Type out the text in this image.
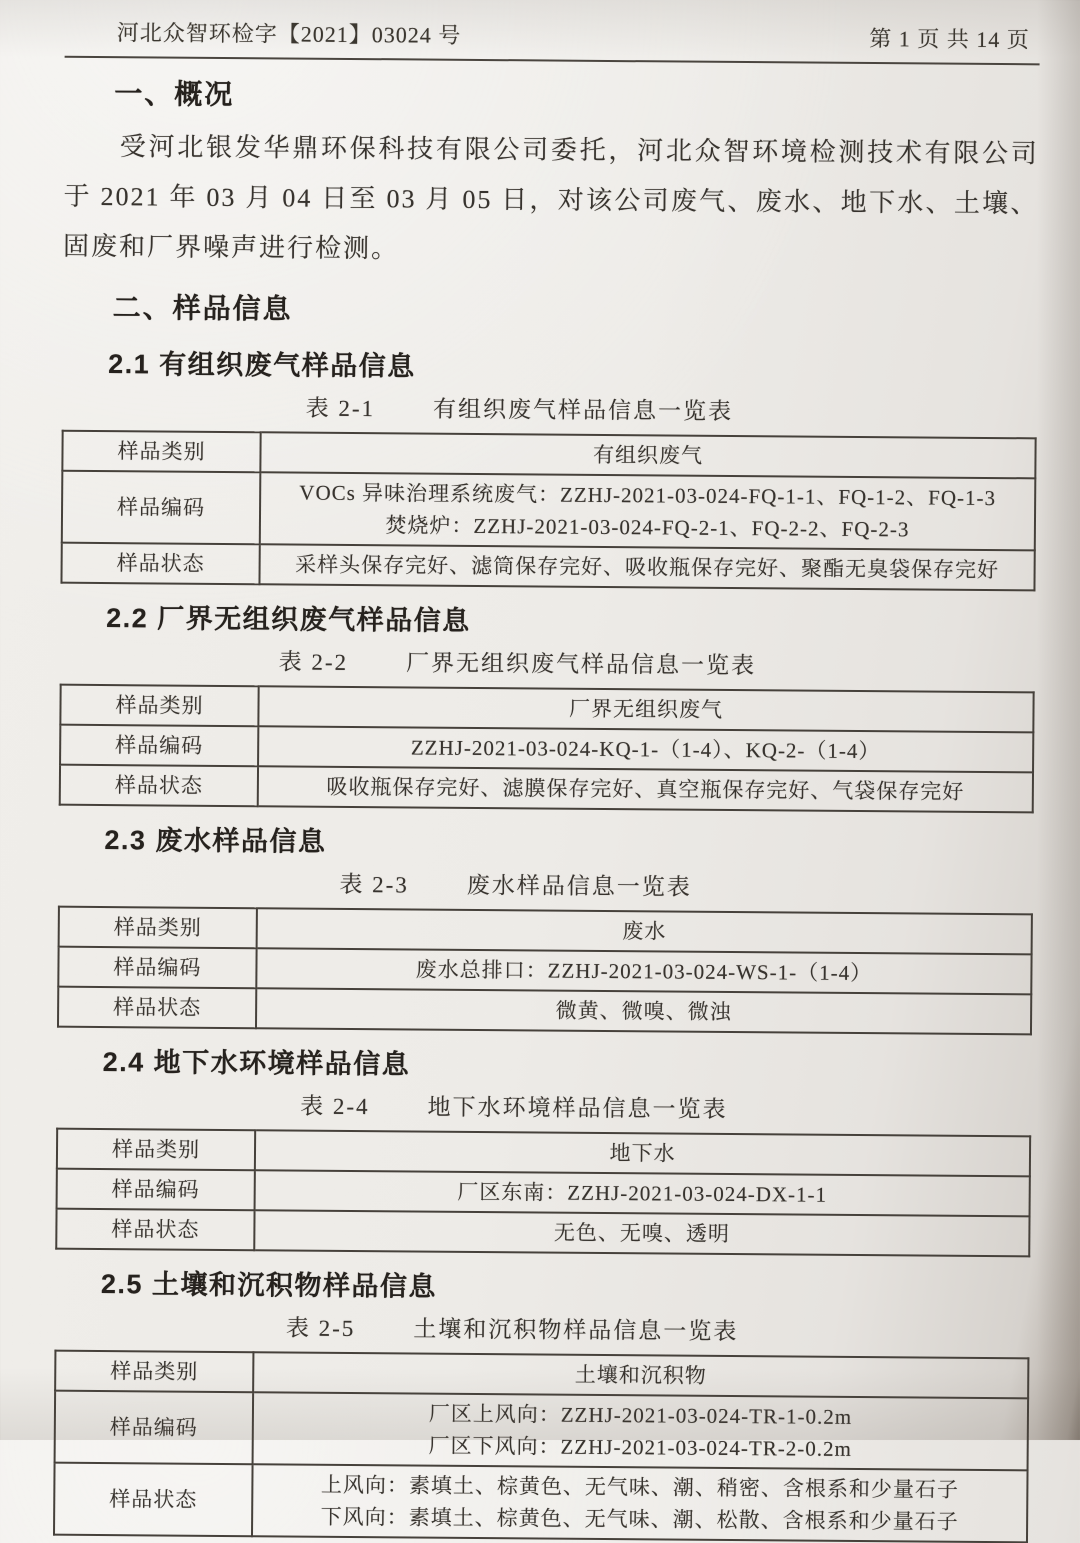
河北众智环检字【2021】03024 号	第 1 页 共 14 页
一、概况
受河北银发华鼎环保科技有限公司委托，河北众智环境检测技术有限公司于 2021 年 03 月 04 日至 03 月 05 日，对该公司废气、废水、地下水、土壤、固废和厂界噪声进行检测。
二、样品信息
2.1 有组织废气样品信息
表 2-1	有组织废气样品信息一览表
样品类别	有组织废气

样品编码	VOCs 异味治理系统废气：ZZHJ-2021-03-024-FQ-1-1、FQ-1-2、FQ-1-3
焚烧炉：ZZHJ-2021-03-024-FQ-2-1、FQ-2-2、FQ-2-3

样品状态	采样头保存完好、滤筒保存完好、吸收瓶保存完好、聚酯无臭袋保存完好
2.2 厂界无组织废气样品信息
表 2-2	厂界无组织废气样品信息一览表
样品类别	厂界无组织废气

样品编码	ZZHJ-2021-03-024-KQ-1-（1-4）、KQ-2-（1-4）

样品状态	吸收瓶保存完好、滤膜保存完好、真空瓶保存完好、气袋保存完好
2.3 废水样品信息
表 2-3	废水样品信息一览表
样品类别	废水

样品编码	废水总排口：ZZHJ-2021-03-024-WS-1-（1-4）

样品状态	微黄、微嗅、微浊
2.4 地下水环境样品信息
表 2-4	地下水环境样品信息一览表
样品类别	地下水

样品编码	厂区东南：ZZHJ-2021-03-024-DX-1-1

样品状态	无色、无嗅、透明
2.5 土壤和沉积物样品信息
表 2-5	土壤和沉积物样品信息一览表
样品类别	土壤和沉积物

样品编码	厂区上风向：ZZHJ-2021-03-024-TR-1-0.2m
厂区下风向：ZZHJ-2021-03-024-TR-2-0.2m

样品状态	上风向：素填土、棕黄色、无气味、潮、稍密、含根系和少量石子
下风向：素填土、棕黄色、无气味、潮、松散、含根系和少量石子
